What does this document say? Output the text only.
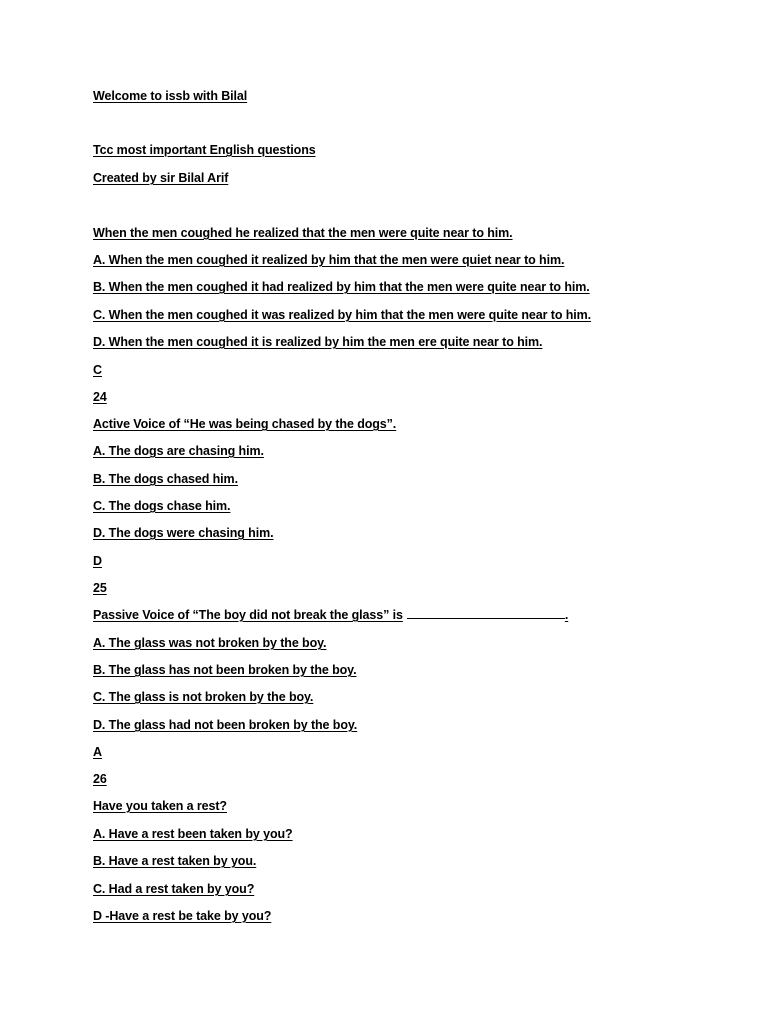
Welcome to issb with Bilal
Tcc most important English questions
Created by sir Bilal Arif
When the men coughed he realized that the men were quite near to him.
A. When the men coughed it realized by him that the men were quiet near to him.
B. When the men coughed it had realized by him that the men were quite near to him.
C. When the men coughed it was realized by him that the men were quite near to him.
D. When the men coughed it is realized by him the men ere quite near to him.
C
24
Active Voice of “He was being chased by the dogs”.
A. The dogs are chasing him.
B. The dogs chased him.
C. The dogs chase him.
D. The dogs were chasing him.
D
25
Passive Voice of “The boy did not break the glass” is	.
A. The glass was not broken by the boy.
B. The glass has not been broken by the boy.
C. The glass is not broken by the boy.
D. The glass had not been broken by the boy.
A
26
Have you taken a rest?
A. Have a rest been taken by you?
B. Have a rest taken by you.
C. Had a rest taken by you?
D -Have a rest be take by you?
